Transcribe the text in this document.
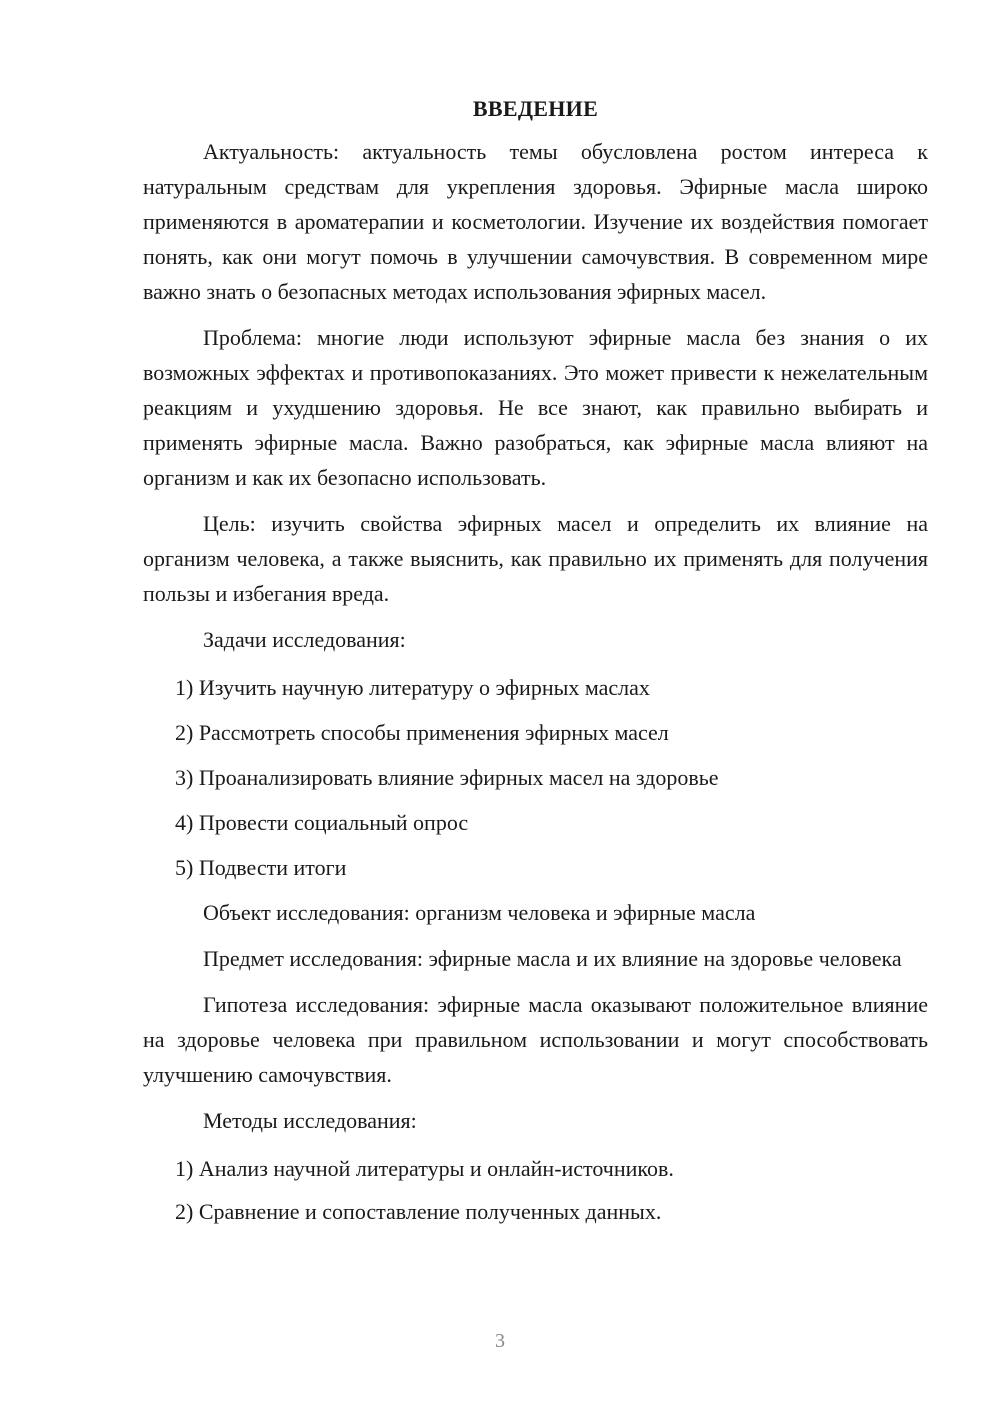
ВВЕДЕНИЕ

Актуальность: актуальность темы обусловлена ростом интереса к натуральным средствам для укрепления здоровья. Эфирные масла широко применяются в ароматерапии и косметологии. Изучение их воздействия помогает понять, как они могут помочь в улучшении самочувствия. В современном мире важно знать о безопасных методах использования эфирных масел.

Проблема: многие люди используют эфирные масла без знания о их возможных эффектах и противопоказаниях. Это может привести к нежелательным реакциям и ухудшению здоровья. Не все знают, как правильно выбирать и применять эфирные масла. Важно разобраться, как эфирные масла влияют на организм и как их безопасно использовать.

Цель: изучить свойства эфирных масел и определить их влияние на организм человека, а также выяснить, как правильно их применять для получения пользы и избегания вреда.

Задачи исследования:

1) Изучить научную литературу о эфирных маслах
2) Рассмотреть способы применения эфирных масел
3) Проанализировать влияние эфирных масел на здоровье
4) Провести социальный опрос
5) Подвести итоги

Объект исследования: организм человека и эфирные масла

Предмет исследования: эфирные масла и их влияние на здоровье человека

Гипотеза исследования: эфирные масла оказывают положительное влияние на здоровье человека при правильном использовании и могут способствовать улучшению самочувствия.

Методы исследования:

1) Анализ научной литературы и онлайн-источников.
2) Сравнение и сопоставление полученных данных.
3
